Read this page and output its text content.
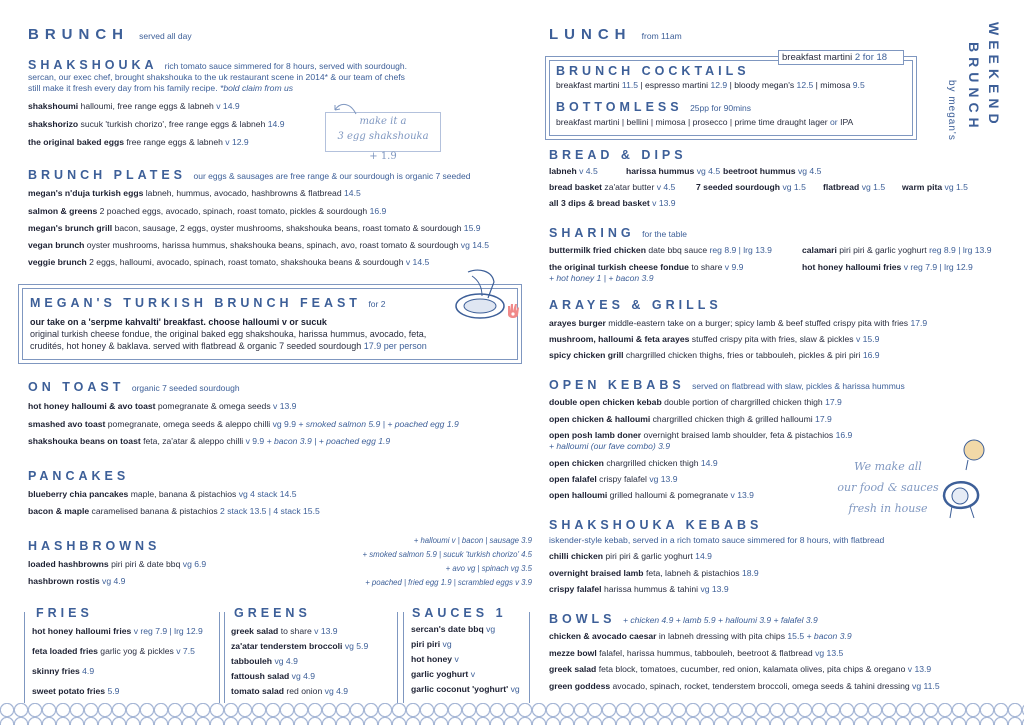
BRUNCH served all day
SHAKSHOUKA rich tomato sauce simmered for 8 hours, served with sourdough.
sercan, our exec chef, brought shakshouka to the uk restaurant scene in 2014* & our team of chefs
still make it fresh every day from his family recipe. *bold claim from us
shakshoumi halloumi, free range eggs & labneh v 14.9
shakshorizo sucuk 'turkish chorizo', free range eggs & labneh 14.9
the original baked eggs free range eggs & labneh v 12.9
make it a
3 egg shakshouka
+ 1.9
BRUNCH PLATES our eggs & sausages are free range & our sourdough is organic 7 seeded
megan's n'duja turkish eggs labneh, hummus, avocado, hashbrowns & flatbread 14.5
salmon & greens 2 poached eggs, avocado, spinach, roast tomato, pickles & sourdough 16.9
megan's brunch grill bacon, sausage, 2 eggs, oyster mushrooms, shakshouka beans, roast tomato & sourdough 15.9
vegan brunch oyster mushrooms, harissa hummus, shakshouka beans, spinach, avo, roast tomato & sourdough vg 14.5
veggie brunch 2 eggs, halloumi, avocado, spinach, roast tomato, shakshouka beans & sourdough v 14.5
MEGAN'S TURKISH BRUNCH FEAST for 2
our take on a 'serpme kahvalti' breakfast. choose halloumi v or sucuk
original turkish cheese fondue, the original baked egg shakshouka, harissa hummus, avocado, feta,
crudités, hot honey & baklava. served with flatbread & organic 7 seeded sourdough 17.9 per person
ON TOAST organic 7 seeded sourdough
hot honey halloumi & avo toast pomegranate & omega seeds v 13.9
smashed avo toast pomegranate, omega seeds & aleppo chilli vg 9.9 + smoked salmon 5.9 | + poached egg 1.9
shakshouka beans on toast feta, za'atar & aleppo chilli v 9.9 + bacon 3.9 | + poached egg 1.9
PANCAKES
blueberry chia pancakes maple, banana & pistachios vg 4 stack 14.5
bacon & maple caramelised banana & pistachios 2 stack 13.5 | 4 stack 15.5
HASHBROWNS
loaded hashbrowns piri piri & date bbq vg 6.9
hashbrown rostis vg 4.9
+ halloumi v | bacon | sausage 3.9
+ smoked salmon 5.9 | sucuk 'turkish chorizo' 4.5
+ avo vg | spinach vg 3.5
+ poached | fried egg 1.9 | scrambled eggs v 3.9
FRIES
hot honey halloumi fries v reg 7.9 | lrg 12.9
feta loaded fries garlic yog & pickles v 7.5
skinny fries 4.9
sweet potato fries 5.9
GREENS
greek salad to share v 13.9
za'atar tenderstem broccoli vg 5.9
tabbouleh vg 4.9
fattoush salad vg 4.9
tomato salad red onion vg 4.9
SAUCES 1
sercan's date bbq vg
piri piri vg
hot honey v
garlic yoghurt v
garlic coconut 'yoghurt' vg
LUNCH from 11am
breakfast martini 2 for 18
BRUNCH COCKTAILS
breakfast martini 11.5 | espresso martini 12.9 | bloody megan's 12.5 | mimosa 9.5
BOTTOMLESS 25pp for 90mins
breakfast martini | bellini | mimosa | prosecco | prime time draught lager or IPA
BREAD & DIPS
labneh v 4.5	harissa hummus vg 4.5 beetroot hummus vg 4.5
bread basket za'atar butter v 4.5 7 seeded sourdough vg 1.5 flatbread vg 1.5 warm pita vg 1.5
all 3 dips & bread basket v 13.9
SHARING for the table
buttermilk fried chicken date bbq sauce reg 8.9 | lrg 13.9	calamari piri piri & garlic yoghurt reg 8.9 | lrg 13.9
the original turkish cheese fondue to share v 9.9	hot honey halloumi fries v reg 7.9 | lrg 12.9
+ hot honey 1 | + bacon 3.9
ARAYES & GRILLS
arayes burger middle-eastern take on a burger; spicy lamb & beef stuffed crispy pita with fries 17.9
mushroom, halloumi & feta arayes stuffed crispy pita with fries, slaw & pickles v 15.9
spicy chicken grill chargrilled chicken thighs, fries or tabbouleh, pickles & piri piri 16.9
OPEN KEBABS served on flatbread with slaw, pickles & harissa hummus
double open chicken kebab double portion of chargrilled chicken thigh 17.9
open chicken & halloumi chargrilled chicken thigh & grilled halloumi 17.9
open posh lamb doner overnight braised lamb shoulder, feta & pistachios 16.9
+ halloumi (our fave combo) 3.9
open chicken chargrilled chicken thigh 14.9
open falafel crispy falafel vg 13.9
open halloumi grilled halloumi & pomegranate v 13.9
We make all
our food & sauces
fresh in house
SHAKSHOUKA KEBABS
iskender-style kebab, served in a rich tomato sauce simmered for 8 hours, with flatbread
chilli chicken piri piri & garlic yoghurt 14.9
overnight braised lamb feta, labneh & pistachios 18.9
crispy falafel harissa hummus & tahini vg 13.9
BOWLS + chicken 4.9 + lamb 5.9 + halloumi 3.9 + falafel 3.9
chicken & avocado caesar in labneh dressing with pita chips 15.5 + bacon 3.9
mezze bowl falafel, harissa hummus, tabbouleh, beetroot & flatbread vg 13.5
greek salad feta block, tomatoes, cucumber, red onion, kalamata olives, pita chips & oregano v 13.9
green goddess avocado, spinach, rocket, tenderstem broccoli, omega seeds & tahini dressing vg 11.5
WEEKEND
BRUNCH
by megan's
